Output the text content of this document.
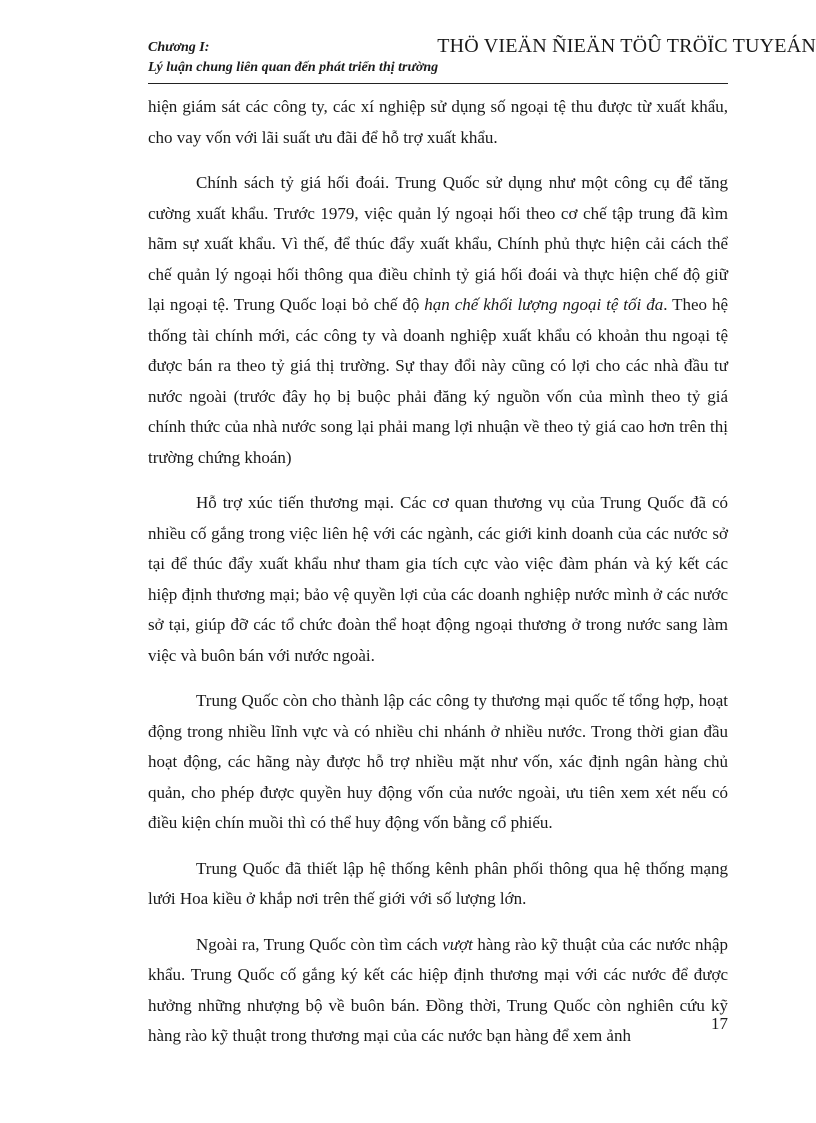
Chương I:
Lý luận chung liên quan đến phát triển thị trường
THÖ VIEÄN ÑIEÄN TÖÛ TRÖÏC TUYEÁN

hiện giám sát các công ty, các xí nghiệp sử dụng số ngoại tệ thu được từ xuất khẩu, cho vay vốn với lãi suất ưu đãi để hỗ trợ xuất khẩu.

Chính sách tỷ giá hối đoái. Trung Quốc sử dụng như một công cụ để tăng cường xuất khẩu. Trước 1979, việc quản lý ngoại hối theo cơ chế tập trung đã kìm hãm sự xuất khẩu. Vì thế, để thúc đẩy xuất khẩu, Chính phủ thực hiện cải cách thể chế quản lý ngoại hối thông qua điều chỉnh tỷ giá hối đoái và thực hiện chế độ giữ lại ngoại tệ. Trung Quốc loại bỏ chế độ hạn chế khối lượng ngoại tệ tối đa. Theo hệ thống tài chính mới, các công ty và doanh nghiệp xuất khẩu có khoản thu ngoại tệ được bán ra theo tỷ giá thị trường. Sự thay đổi này cũng có lợi cho các nhà đầu tư nước ngoài (trước đây họ bị buộc phải đăng ký nguồn vốn của mình theo tỷ giá chính thức của nhà nước song lại phải mang lợi nhuận về theo tỷ giá cao hơn trên thị trường chứng khoán)

Hỗ trợ xúc tiến thương mại. Các cơ quan thương vụ của Trung Quốc đã có nhiều cố gắng trong việc liên hệ với các ngành, các giới kinh doanh của các nước sở tại để thúc đẩy xuất khẩu như tham gia tích cực vào việc đàm phán và ký kết các hiệp định thương mại; bảo vệ quyền lợi của các doanh nghiệp nước mình ở các nước sở tại, giúp đỡ các tổ chức đoàn thể hoạt động ngoại thương ở trong nước sang làm việc và buôn bán với nước ngoài.

Trung Quốc còn cho thành lập các công ty thương mại quốc tế tổng hợp, hoạt động trong nhiều lĩnh vực và có nhiều chi nhánh ở nhiều nước. Trong thời gian đầu hoạt động, các hãng này được hỗ trợ nhiều mặt như vốn, xác định ngân hàng chủ quản, cho phép được quyền huy động vốn của nước ngoài, ưu tiên xem xét nếu có điều kiện chín muồi thì có thể huy động vốn bằng cổ phiếu.

Trung Quốc đã thiết lập hệ thống kênh phân phối thông qua hệ thống mạng lưới Hoa kiều ở khắp nơi trên thế giới với số lượng lớn.

Ngoài ra, Trung Quốc còn tìm cách vượt hàng rào kỹ thuật của các nước nhập khẩu. Trung Quốc cố gắng ký kết các hiệp định thương mại với các nước để được hưởng những nhượng bộ về buôn bán. Đồng thời, Trung Quốc còn nghiên cứu kỹ hàng rào kỹ thuật trong thương mại của các nước bạn hàng để xem ảnh

17
